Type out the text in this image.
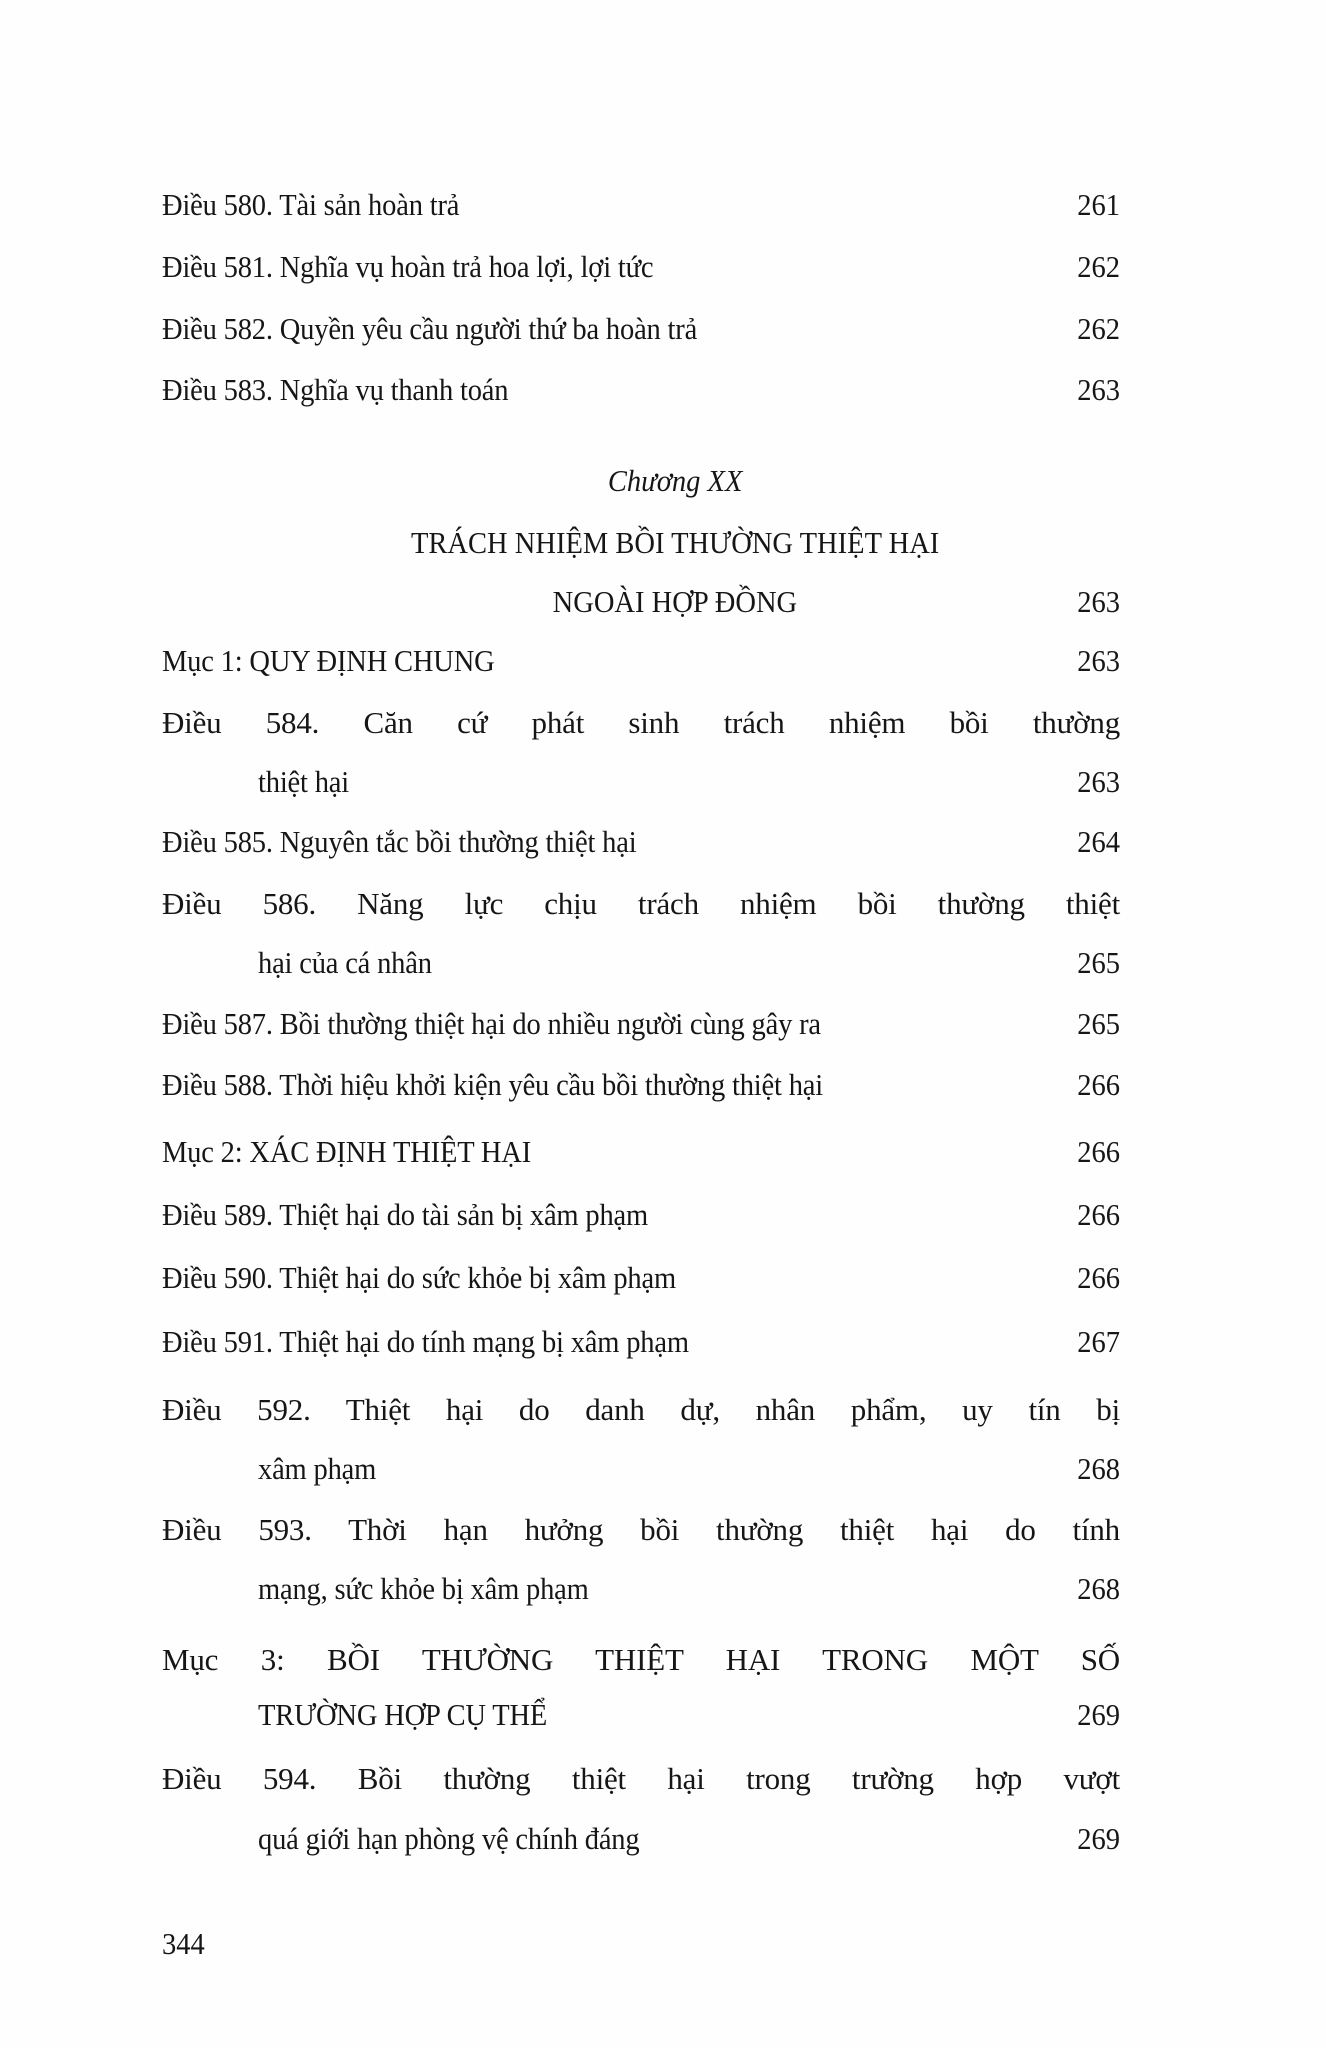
Điều 580. Tài sản hoàn trả	261
Điều 581. Nghĩa vụ hoàn trả hoa lợi, lợi tức	262
Điều 582. Quyền yêu cầu người thứ ba hoàn trả	262
Điều 583. Nghĩa vụ thanh toán	263
Chương XX
TRÁCH NHIỆM BỒI THƯỜNG THIỆT HẠI
NGOÀI HỢP ĐỒNG	263
Mục 1: QUY ĐỊNH CHUNG	263
Điều 584. Căn cứ phát sinh trách nhiệm bồi thường
thiệt hại	263
Điều 585. Nguyên tắc bồi thường thiệt hại	264
Điều 586. Năng lực chịu trách nhiệm bồi thường thiệt
hại của cá nhân	265
Điều 587. Bồi thường thiệt hại do nhiều người cùng gây ra	265
Điều 588. Thời hiệu khởi kiện yêu cầu bồi thường thiệt hại	266
Mục 2: XÁC ĐỊNH THIỆT HẠI	266
Điều 589. Thiệt hại do tài sản bị xâm phạm	266
Điều 590. Thiệt hại do sức khỏe bị xâm phạm	266
Điều 591. Thiệt hại do tính mạng bị xâm phạm	267
Điều 592. Thiệt hại do danh dự, nhân phẩm, uy tín bị
xâm phạm	268
Điều 593. Thời hạn hưởng bồi thường thiệt hại do tính
mạng, sức khỏe bị xâm phạm	268
Mục 3: BỒI THƯỜNG THIỆT HẠI TRONG MỘT SỐ
TRƯỜNG HỢP CỤ THỂ	269
Điều 594. Bồi thường thiệt hại trong trường hợp vượt
quá giới hạn phòng vệ chính đáng	269
344
